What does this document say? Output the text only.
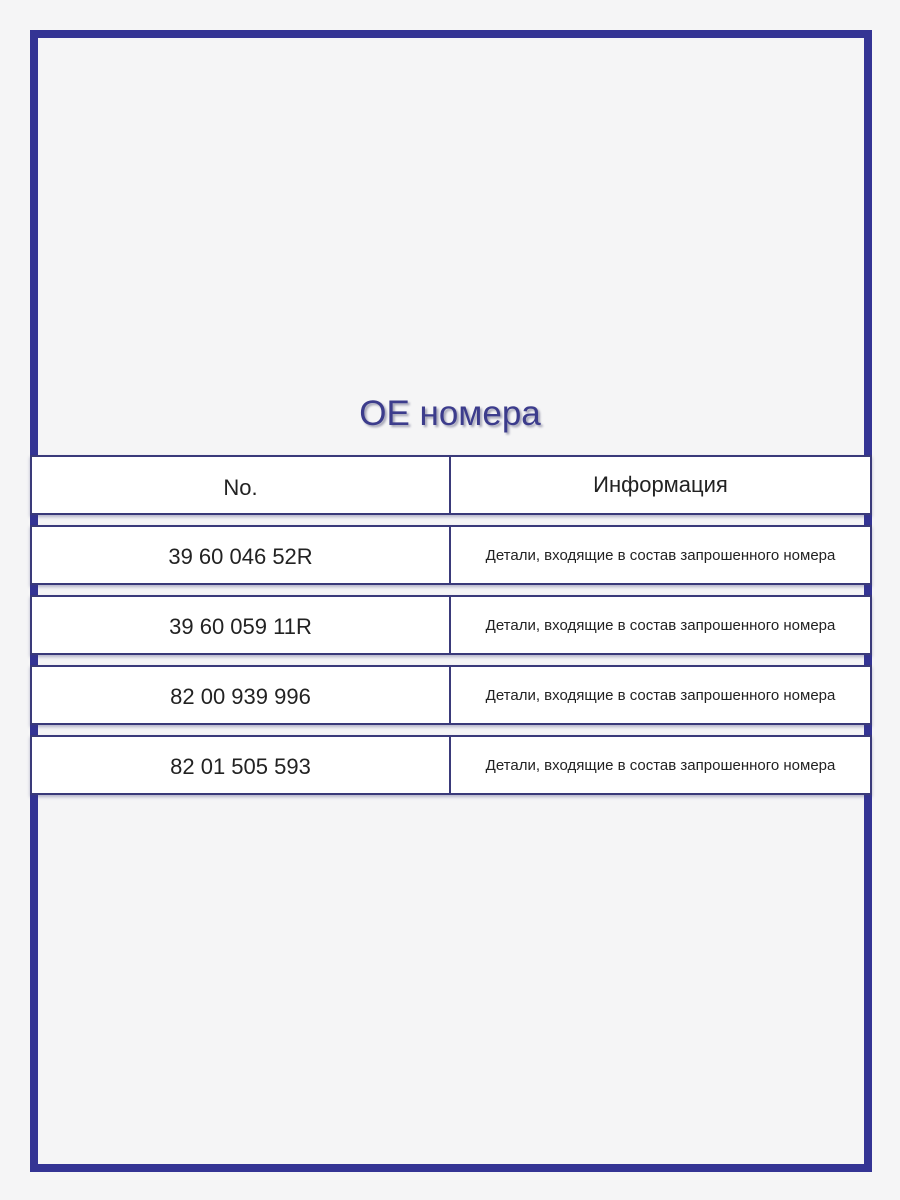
OE номера
No.	Информация
39 60 046 52R	Детали, входящие в состав запрошенного номера
39 60 059 11R	Детали, входящие в состав запрошенного номера
82 00 939 996	Детали, входящие в состав запрошенного номера
82 01 505 593	Детали, входящие в состав запрошенного номера
